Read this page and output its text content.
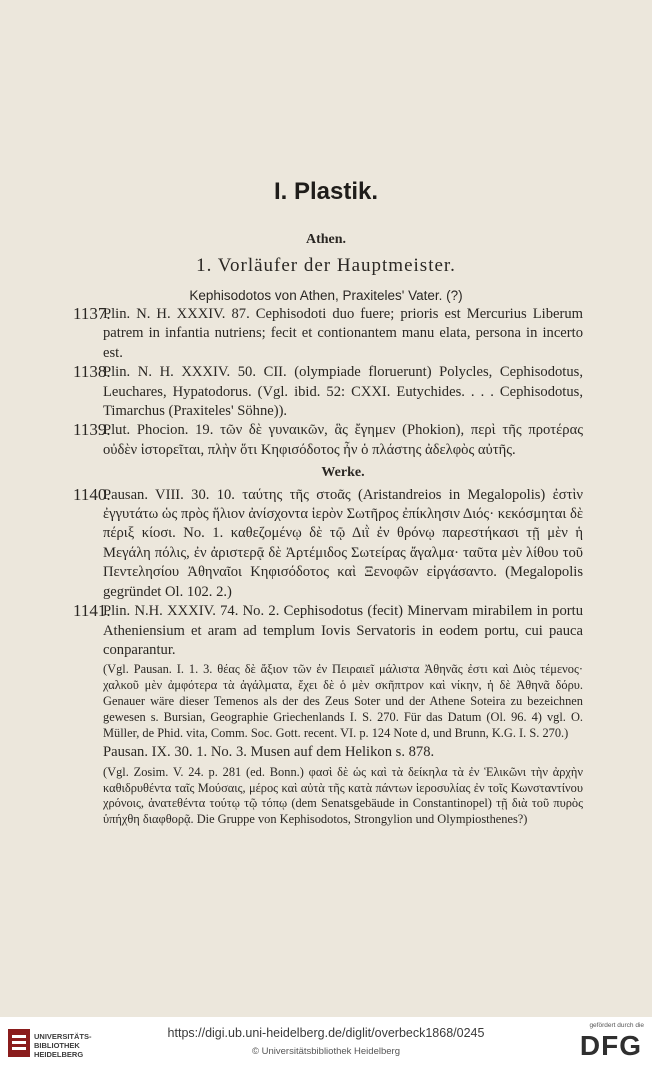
I. Plastik.
Athen.
1. Vorläufer der Hauptmeister.
Kephisodotos von Athen, Praxiteles' Vater. (?)

1137.
Plin. N. H. XXXIV. 87. Cephisodoti duo fuere; prioris est Mercurius Liberum patrem in infantia nutriens; fecit et contionantem manu elata, persona in incerto est.

1138.
Plin. N. H. XXXIV. 50. CII. (olympiade floruerunt) Polycles, Cephisodotus, Leuchares, Hypatodorus. (Vgl. ibid. 52: CXXI. Eutychides. . . . Cephisodotus, Timarchus (Praxiteles' Söhne)).

1139.
Plut. Phocion. 19. τῶν δὲ γυναικῶν, ἃς ἔγημεν (Phokion), περὶ τῆς προτέρας οὐδὲν ἱστορεῖται, πλὴν ὅτι Κηφισόδοτος ἦν ὁ πλάστης ἀδελφὸς αὐτῆς.

Werke.

1140.
Pausan. VIII. 30. 10. ταύτης τῆς στοᾶς (Aristandreios in Megalopolis) ἐστὶν ἐγγυτάτω ὡς πρὸς ἥλιον ἀνίσχοντα ἱερὸν Σωτῆρος ἐπίκλησιν Διός· κεκόσμηται δὲ πέριξ κίοσι. No. 1. καθεζομένῳ δὲ τῷ Διῒ ἐν θρόνῳ παρεστήκασι τῇ μὲν ἡ Μεγάλη πόλις, ἐν ἀριστερᾷ δὲ Ἀρτέμιδος Σωτείρας ἄγαλμα· ταῦτα μὲν λίθου τοῦ Πεντελησίου Ἀθηναῖοι Κηφισόδοτος καὶ Ξενοφῶν εἰργάσαντο. (Megalopolis gegründet Ol. 102. 2.)

1141.
Plin. N.H. XXXIV. 74. No. 2. Cephisodotus (fecit) Minervam mirabilem in portu Atheniensium et aram ad templum Iovis Servatoris in eodem portu, cui pauca conparantur.

(Vgl. Pausan. I. 1. 3. θέας δὲ ἄξιον τῶν ἐν Πειραιεῖ μάλιστα Ἀθηνᾶς ἐστι καὶ Διὸς τέμενος· χαλκοῦ μὲν ἀμφότερα τὰ ἀγάλματα, ἔχει δὲ ὁ μὲν σκῆπτρον καὶ νίκην, ἡ δὲ Ἀθηνᾶ δόρυ. Genauer wäre dieser Temenos als der des Zeus Soter und der Athene Soteira zu bezeichnen gewesen s. Bursian, Geographie Griechenlands I. S. 270. Für das Datum (Ol. 96. 4) vgl. O. Müller, de Phid. vita, Comm. Soc. Gott. recent. VI. p. 124 Note d, und Brunn, K.G. I. S. 270.)

Pausan. IX. 30. 1. No. 3. Musen auf dem Helikon s. 878.

(Vgl. Zosim. V. 24. p. 281 (ed. Bonn.) φασὶ δὲ ὡς καὶ τὰ δείκηλα τὰ ἐν Ἑλικῶνι τὴν ἀρχὴν καθιδρυθέντα ταῖς Μούσαις, μέρος καὶ αὐτὰ τῆς κατὰ πάντων ἱεροσυλίας ἐν τοῖς Κωνσταντίνου χρόνοις, ἀνατεθέντα τούτῳ τῷ τόπῳ (dem Senatsgebäude in Constantinopel) τῇ διὰ τοῦ πυρὸς ὑπήχθη διαφθορᾷ. Die Gruppe von Kephisodotos, Strongylion und Olympiosthenes?)

UNIVERSITÄTS-
BIBLIOTHEK
HEIDELBERG
https://digi.ub.uni-heidelberg.de/diglit/overbeck1868/0245
© Universitätsbibliothek Heidelberg
gefördert durch die
DFG
